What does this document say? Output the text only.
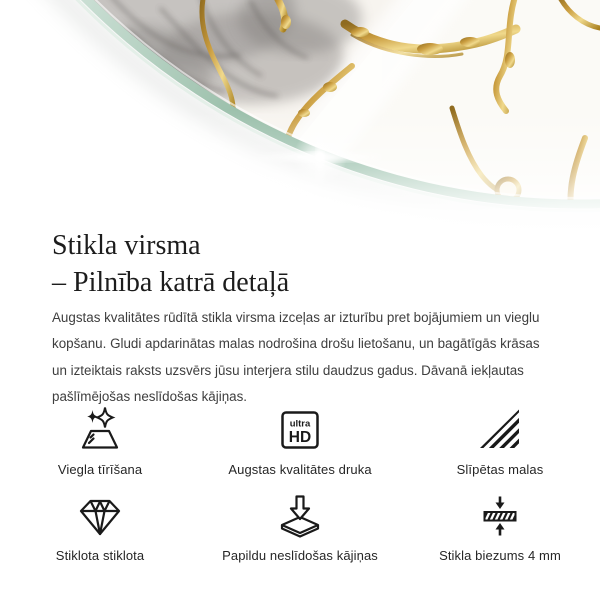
Stikla virsma
– Pilnība katrā detaļā

Augstas kvalitātes rūdītā stikla virsma izceļas ar izturību pret bojājumiem un vieglu kopšanu. Gludi apdarinātas malas nodrošina drošu lietošanu, un bagātīgās krāsas un izteiktais raksts uzsvērs jūsu interjera stilu daudzus gadus. Dāvanā iekļautas pašlīmējošas neslīdošas kājiņas.

Viegla tīrīšana
ultra
HD
Augstas kvalitātes druka	Slīpētas malas
Stiklota stiklota	Papildu neslīdošas kājiņas	Stikla biezums 4 mm
